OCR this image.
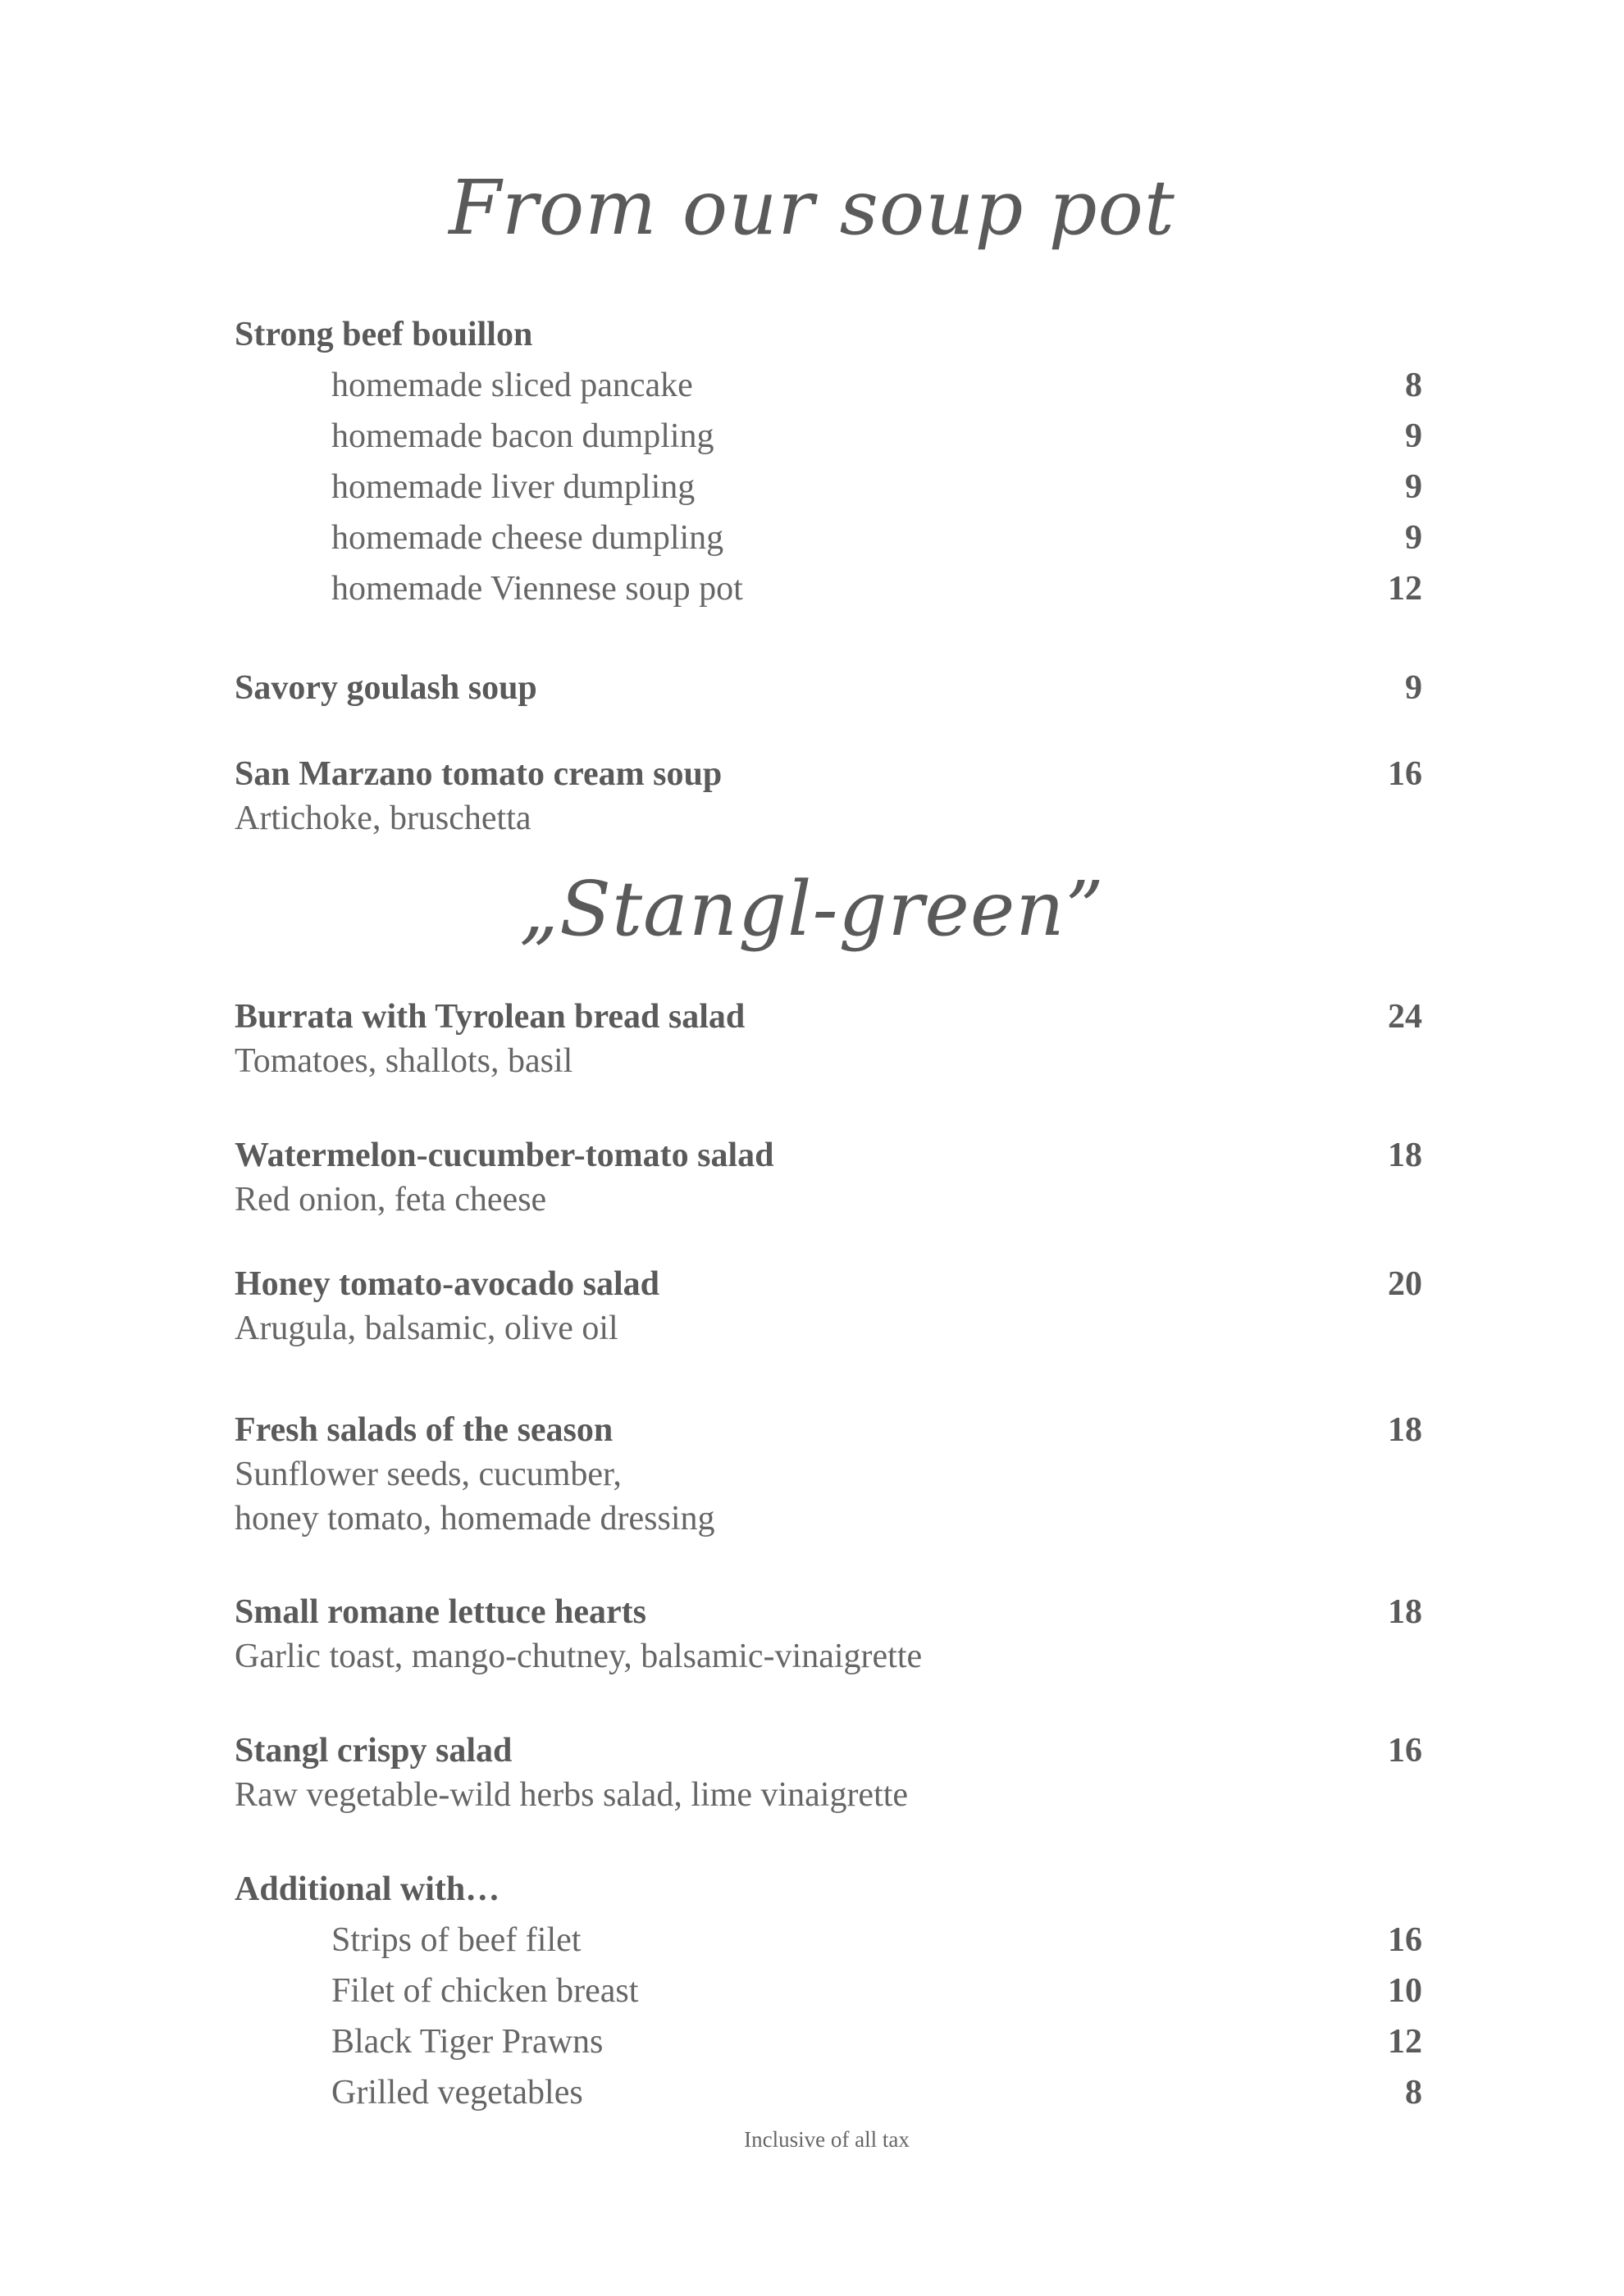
From our soup pot
Strong beef bouillon
homemade sliced pancake	8
homemade bacon dumpling	9
homemade liver dumpling	9
homemade cheese dumpling	9
homemade Viennese soup pot	12
Savory goulash soup	9
San Marzano tomato cream soup	16
Artichoke, bruschetta
„Stangl-green”
Burrata with Tyrolean bread salad	24
Tomatoes, shallots, basil
Watermelon-cucumber-tomato salad	18
Red onion, feta cheese
Honey tomato-avocado salad	20
Arugula, balsamic, olive oil
Fresh salads of the season	18
Sunflower seeds, cucumber,
honey tomato, homemade dressing
Small romane lettuce hearts	18
Garlic toast, mango-chutney, balsamic-vinaigrette
Stangl crispy salad	16
Raw vegetable-wild herbs salad, lime vinaigrette
Additional with…
Strips of beef filet	16
Filet of chicken breast	10
Black Tiger Prawns	12
Grilled vegetables	8
Inclusive of all tax
